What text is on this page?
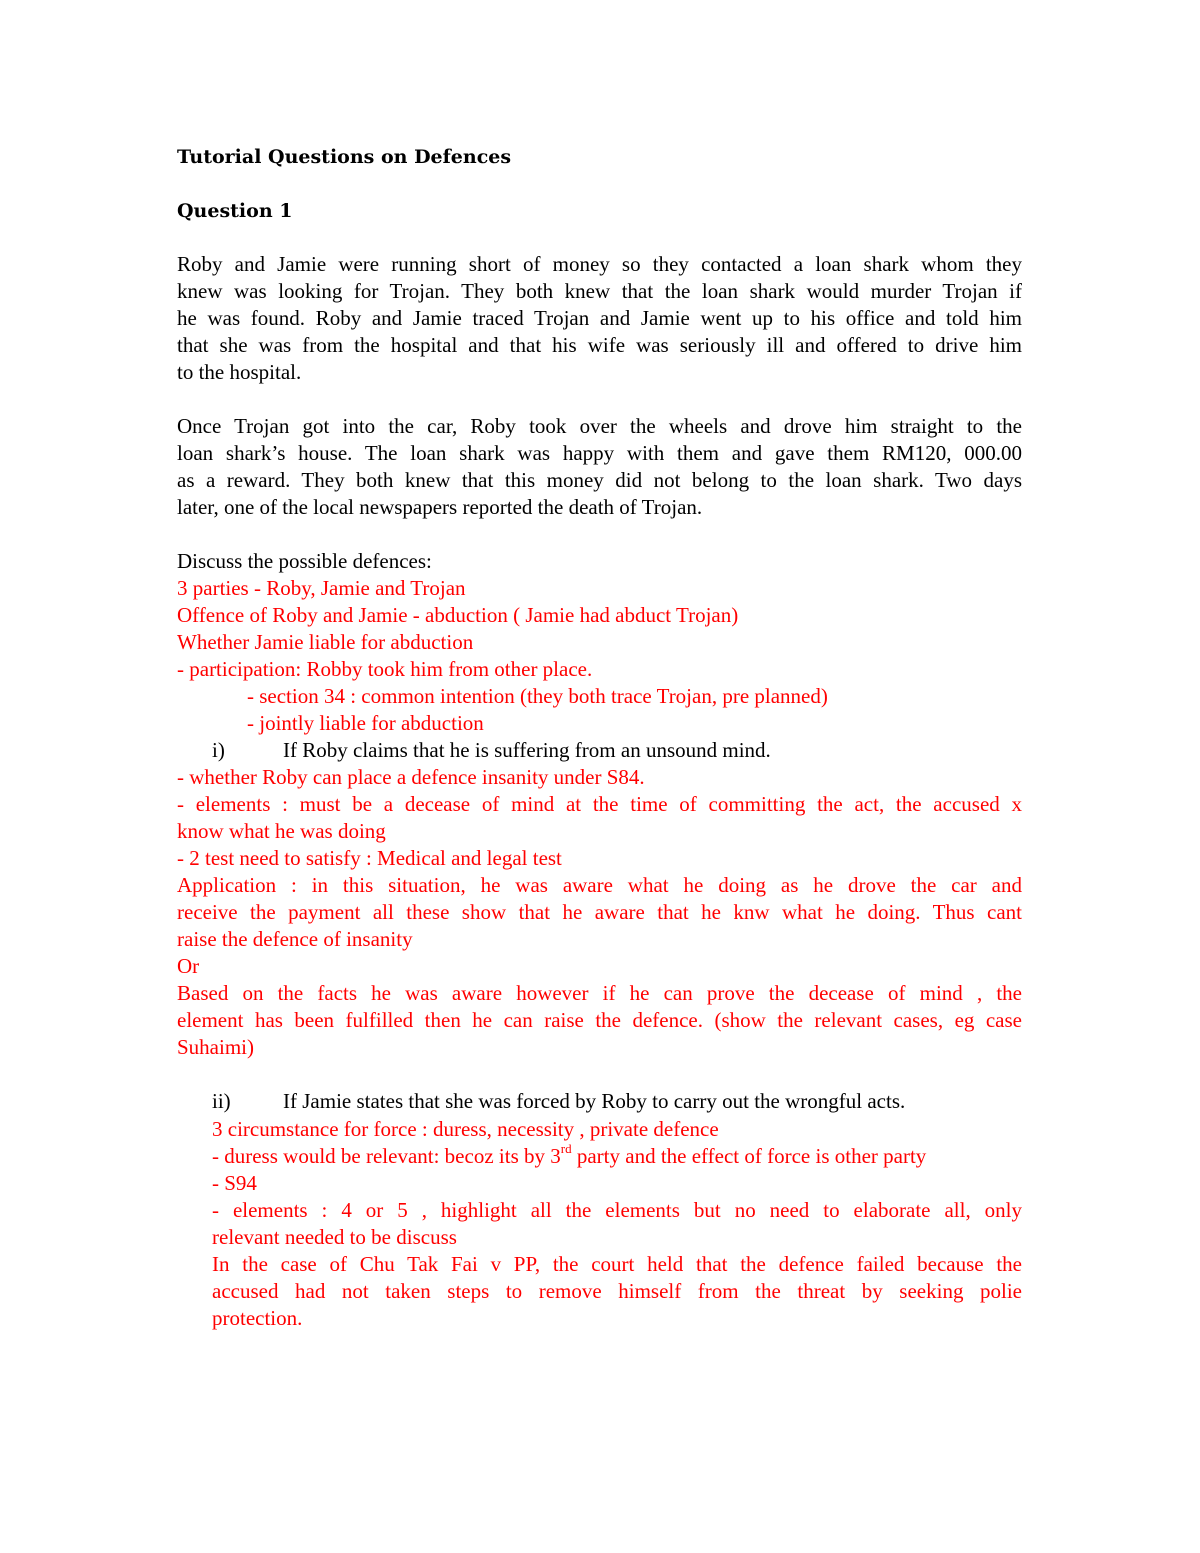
Tutorial Questions on Defences
Question 1
Roby and Jamie were running short of money so they contacted a loan shark whom they
knew was looking for Trojan. They both knew that the loan shark would murder Trojan if
he was found. Roby and Jamie traced Trojan and Jamie went up to his office and told him
that she was from the hospital and that his wife was seriously ill and offered to drive him
to the hospital.
Once Trojan got into the car, Roby took over the wheels and drove him straight to the
loan shark’s house. The loan shark was happy with them and gave them RM120, 000.00
as a reward. They both knew that this money did not belong to the loan shark. Two days
later, one of the local newspapers reported the death of Trojan.
Discuss the possible defences:
3 parties - Roby, Jamie and Trojan
Offence of Roby and Jamie - abduction ( Jamie had abduct Trojan)
Whether Jamie liable for abduction
- participation: Robby took him from other place.
- section 34 : common intention (they both trace Trojan, pre planned)
- jointly liable for abduction
i)	If Roby claims that he is suffering from an unsound mind.
- whether Roby can place a defence insanity under S84.
- elements : must be a decease of mind at the time of committing the act, the accused x
know what he was doing
- 2 test need to satisfy : Medical and legal test
Application : in this situation, he was aware what he doing as he drove the car and
receive the payment all these show that he aware that he knw what he doing. Thus cant
raise the defence of insanity
Or
Based on the facts he was aware however if he can prove the decease of mind , the
element has been fulfilled then he can raise the defence. (show the relevant cases, eg case
Suhaimi)
ii) If Jamie states that she was forced by Roby to carry out the wrongful acts.
3 circumstance for force : duress, necessity , private defence
- duress would be relevant: becoz its by 3rd party and the effect of force is other party
- S94
- elements : 4 or 5 , highlight all the elements but no need to elaborate all, only
relevant needed to be discuss
In the case of Chu Tak Fai v PP, the court held that the defence failed because the
accused had not taken steps to remove himself from the threat by seeking polie
protection.
